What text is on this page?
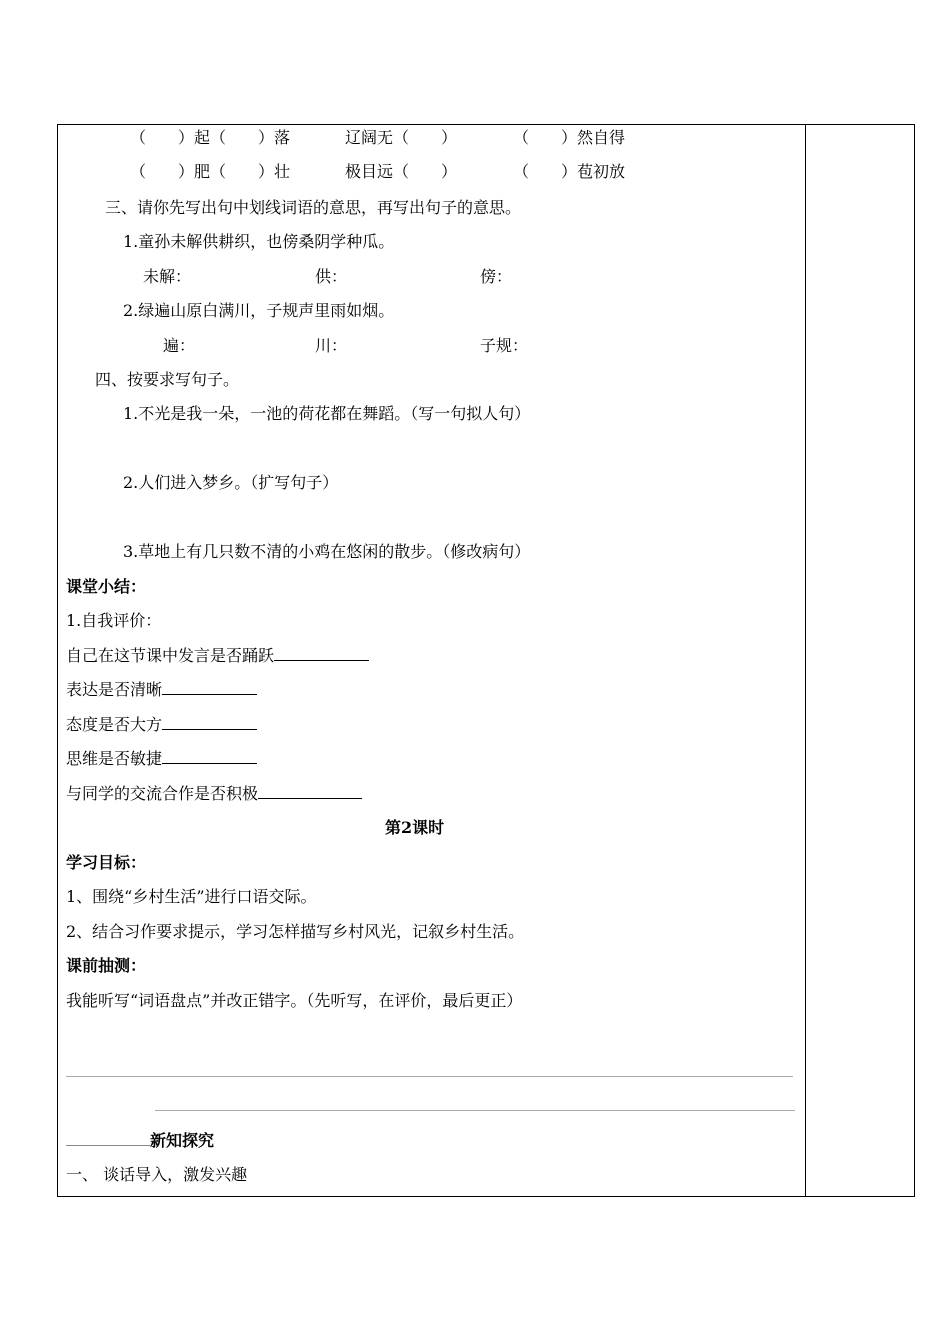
（　　）起（　　）落	辽阔无（　　）	（　　）然自得
（　　）肥（　　）壮	极目远（　　）	（　　）苞初放
三、请你先写出句中划线词语的意思，再写出句子的意思。
1.童孙未解供耕织，也傍桑阴学种瓜。
未解：	供：	傍：
2.绿遍山原白满川，子规声里雨如烟。
遍：	川：	子规：
四、按要求写句子。
1.不光是我一朵，一池的荷花都在舞蹈。（写一句拟人句）
2.人们进入梦乡。（扩写句子）
3.草地上有几只数不清的小鸡在悠闲的散步。（修改病句）
课堂小结：
1.自我评价：
自己在这节课中发言是否踊跃
表达是否清晰
态度是否大方
思维是否敏捷
与同学的交流合作是否积极
第2课时
学习目标：
1、围绕“乡村生活”进行口语交际。
2、结合习作要求提示，学习怎样描写乡村风光，记叙乡村生活。
课前抽测：
我能听写“词语盘点”并改正错字。（先听写，在评价，最后更正）
新知探究
一、 谈话导入，激发兴趣
